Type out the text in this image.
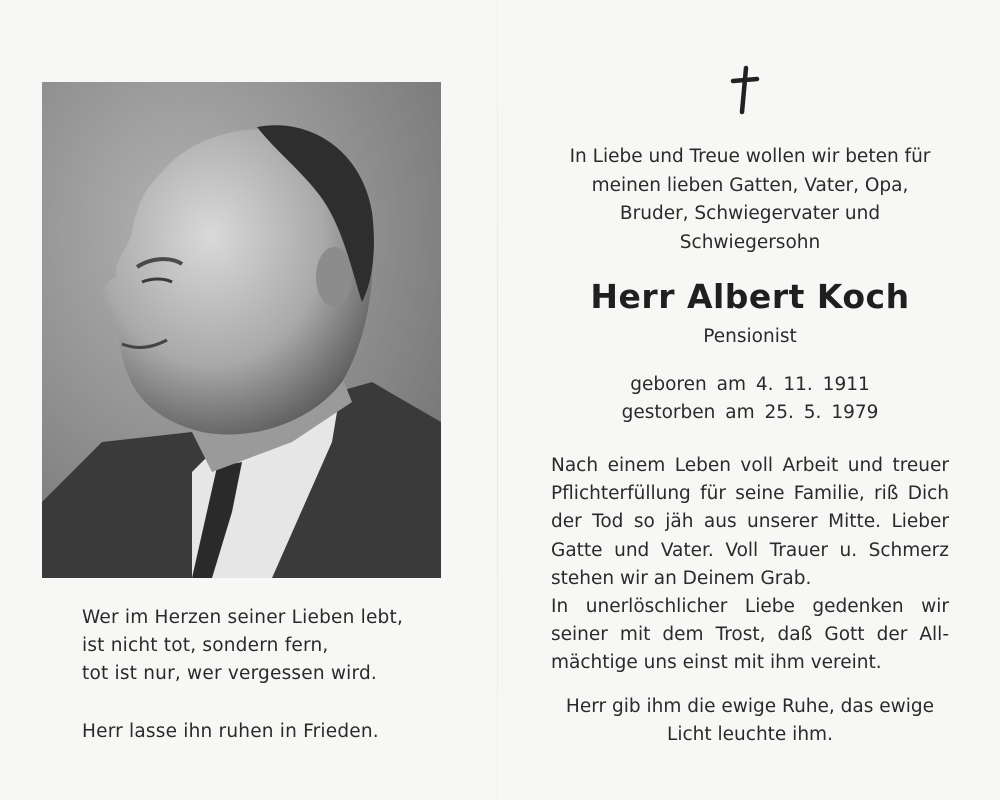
Wer im Herzen seiner Lieben lebt,
ist nicht tot, sondern fern,
tot ist nur, wer vergessen wird.
Herr lasse ihn ruhen in Frieden.
In Liebe und Treue wollen wir beten für
meinen lieben Gatten, Vater, Opa,
Bruder, Schwiegervater und
Schwiegersohn
Herr Albert Koch
Pensionist
geboren am 4. 11. 1911
gestorben am 25. 5. 1979
Nach einem Leben voll Arbeit und treuer
Pflichterfüllung für seine Familie, riß Dich
der Tod so jäh aus unserer Mitte. Lieber
Gatte und Vater. Voll Trauer u. Schmerz
stehen wir an Deinem Grab.
In unerlöschlicher Liebe gedenken wir
seiner mit dem Trost, daß Gott der All-
mächtige uns einst mit ihm vereint.
Herr gib ihm die ewige Ruhe, das ewige
Licht leuchte ihm.
